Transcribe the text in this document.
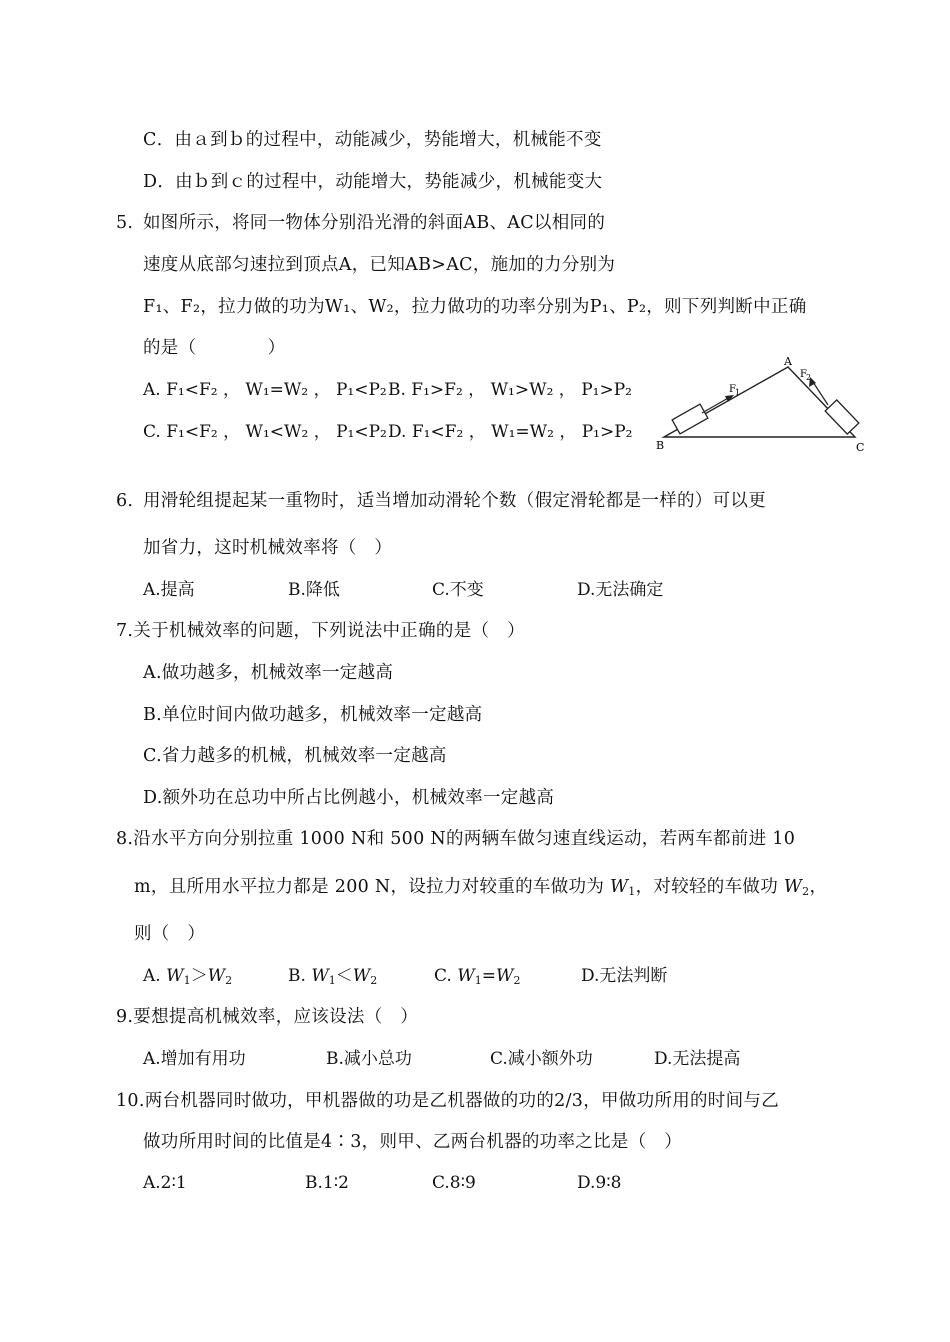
C．由ａ到ｂ的过程中，动能减少，势能增大，机械能不变
D．由ｂ到ｃ的过程中，动能增大，势能减少，机械能变大
5. 如图所示，将同一物体分别沿光滑的斜面AB、AC以相同的
速度从底部匀速拉到顶点A，已知AB>AC，施加的力分别为
F₁、F₂，拉力做的功为W₁、W₂，拉力做功的功率分别为P₁、P₂，则下列判断中正确
的是（　　　　）
A. F₁<F₂ ， W₁=W₂ ， P₁<P₂ B. F₁>F₂ ， W₁>W₂ ， P₁>P₂
C. F₁<F₂ ， W₁<W₂ ， P₁<P₂ D. F₁<F₂ ， W₁=W₂ ， P₁>P₂
A
B	C
F 1
F 2
6. 用滑轮组提起某一重物时，适当增加动滑轮个数（假定滑轮都是一样的）可以更
加省力，这时机械效率将（　）
A.提高	B.降低	C.不变	D.无法确定
7.关于机械效率的问题，下列说法中正确的是（　）
A.做功越多，机械效率一定越高
B.单位时间内做功越多，机械效率一定越高
C.省力越多的机械，机械效率一定越高
D.额外功在总功中所占比例越小，机械效率一定越高
8.沿水平方向分别拉重 1000 N和 500 N的两辆车做匀速直线运动，若两车都前进 10
m，且所用水平拉力都是 200 N，设拉力对较重的车做功为 $W_1$，对较轻的车做功 $W_2$，
则（　）
A. $W_1>W_2$	B. $W_1<W_2$	C. $W_1=W_2$	D.无法判断
9.要想提高机械效率，应该设法（　）
A.增加有用功	B.减小总功	C.减小额外功	D.无法提高
10.两台机器同时做功，甲机器做的功是乙机器做的功的2/3，甲做功所用的时间与乙
做功所用时间的比值是4∶3，则甲、乙两台机器的功率之比是（　）
A.2∶1	B.1∶2	C.8∶9	D.9∶8
